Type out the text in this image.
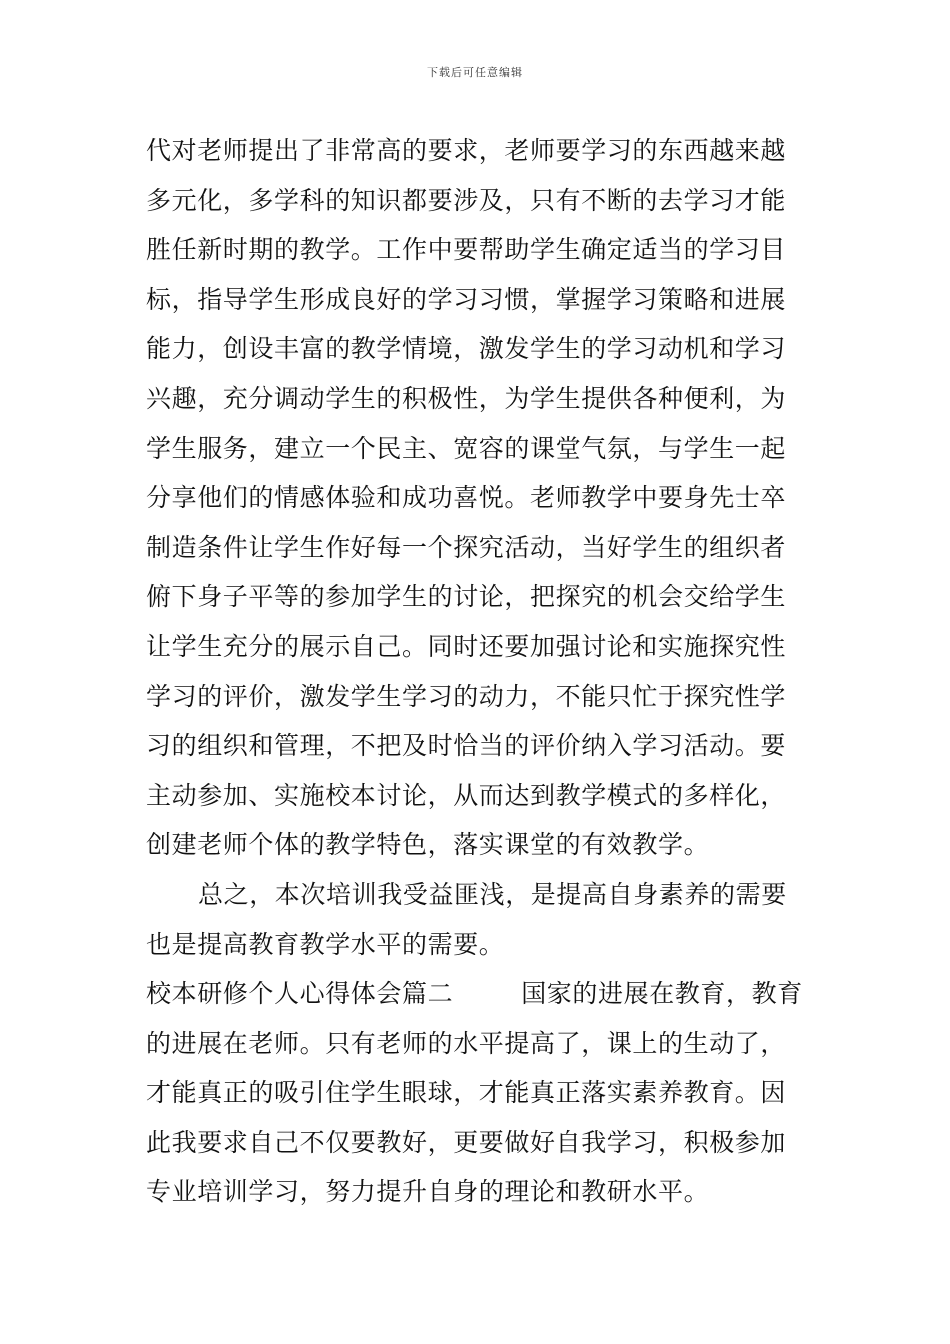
下载后可任意编辑
代对老师提出了非常高的要求，老师要学习的东西越来越
多元化，多学科的知识都要涉及，只有不断的去学习才能
胜任新时期的教学。工作中要帮助学生确定适当的学习目
标，指导学生形成良好的学习习惯，掌握学习策略和进展
能力，创设丰富的教学情境，激发学生的学习动机和学习
兴趣，充分调动学生的积极性，为学生提供各种便利，为
学生服务，建立一个民主、宽容的课堂气氛，与学生一起
分享他们的情感体验和成功喜悦。老师教学中要身先士卒
制造条件让学生作好每一个探究活动，当好学生的组织者
俯下身子平等的参加学生的讨论，把探究的机会交给学生
让学生充分的展示自己。同时还要加强讨论和实施探究性
学习的评价，激发学生学习的动力，不能只忙于探究性学
习的组织和管理，不把及时恰当的评价纳入学习活动。要
主动参加、实施校本讨论，从而达到教学模式的多样化，
创建老师个体的教学特色，落实课堂的有效教学。
总之，本次培训我受益匪浅，是提高自身素养的需要
也是提高教育教学水平的需要。
校本研修个人心得体会篇二	国家的进展在教育，教育
的进展在老师。只有老师的水平提高了，课上的生动了，
才能真正的吸引住学生眼球，才能真正落实素养教育。因
此我要求自己不仅要教好，更要做好自我学习，积极参加
专业培训学习，努力提升自身的理论和教研水平。
